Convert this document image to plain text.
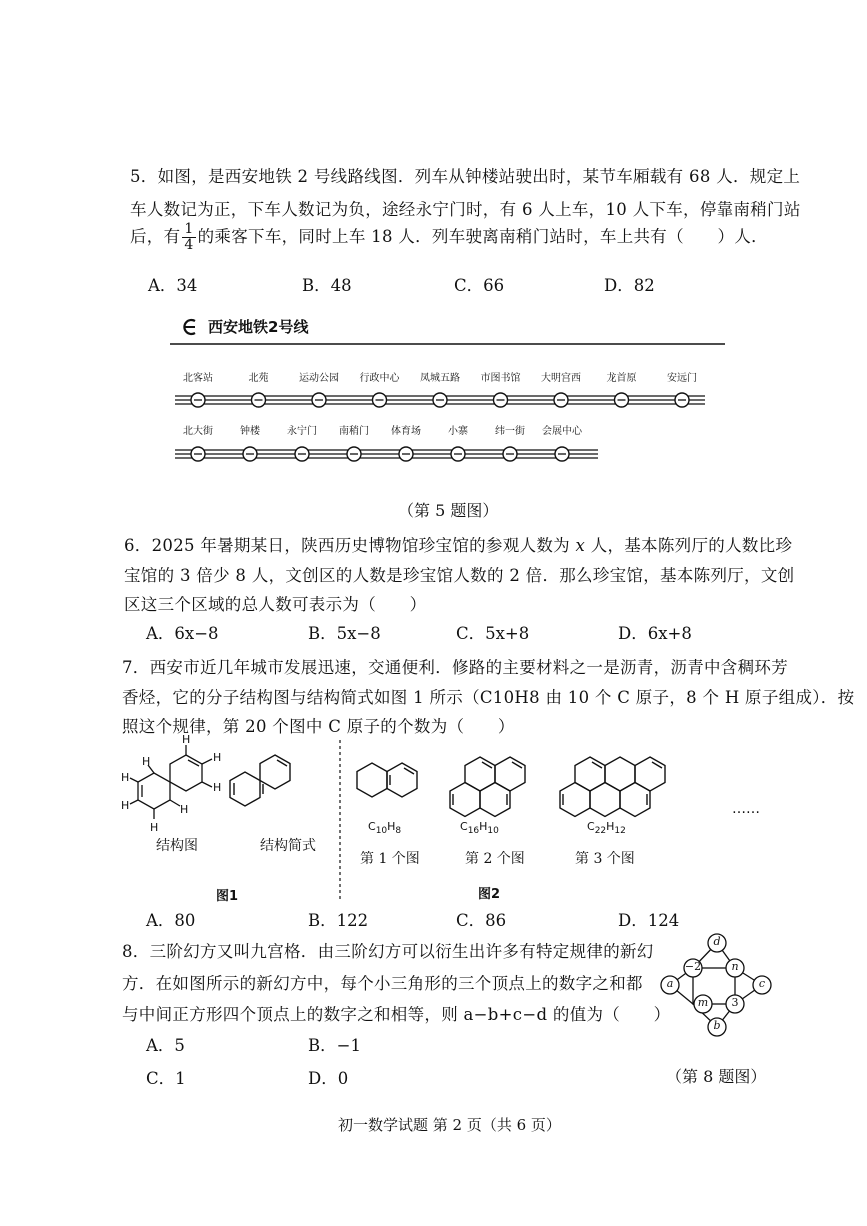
5．如图，是西安地铁 2 号线路线图．列车从钟楼站驶出时，某节车厢载有 68 人．规定上
车人数记为正，下车人数记为负，途经永宁门时，有 6 人上车，10 人下车，停靠南稍门站
后，有 $\frac{1}{4}$ 的乘客下车，同时上车 18 人．列车驶离南稍门站时，车上共有（　　）人．
A．34	B．48	C．66	D．82
西安地铁2号线
北客站	北苑	运动公园 行政中心 凤城五路 市图书馆 大明宫西	龙首原	安远门
北大街	钟楼	永宁门 南稍门 体育场	小寨	纬一街 会展中心
（第 5 题图）
6．2025 年暑期某日，陕西历史博物馆珍宝馆的参观人数为 x 人，基本陈列厅的人数比珍
宝馆的 3 倍少 8 人，文创区的人数是珍宝馆人数的 2 倍．那么珍宝馆，基本陈列厅，文创
区这三个区域的总人数可表示为（　　）
A．6x−8	B．5x−8	C．5x+8	D．6x+8
7．西安市近几年城市发展迅速，交通便利．修路的主要材料之一是沥青，沥青中含稠环芳
香烃，它的分子结构图与结构简式如图 1 所示（C10H8 由 10 个 C 原子，8 个 H 原子组成）．按
照这个规律，第 20 个图中 C 原子的个数为（　　）
H
H
H
H
H
H
H
H
结构图	结构简式
$C_{10}H_8$	$C_{16}H_{10}$	$C_{22}H_{12}$
第 1 个图	第 2 个图	第 3 个图
……
图1	图2
A．80	B．122	C．86	D．124
8．三阶幻方又叫九宫格．由三阶幻方可以衍生出许多有特定规律的新幻
方．在如图所示的新幻方中，每个小三角形的三个顶点上的数字之和都
与中间正方形四个顶点上的数字之和相等，则 a−b+c−d 的值为（　　）
A．5	B．−1
C．1	D．0
d
−2	n
a	c
m	3
b
（第 8 题图）
初一数学试题 第 2 页（共 6 页）
